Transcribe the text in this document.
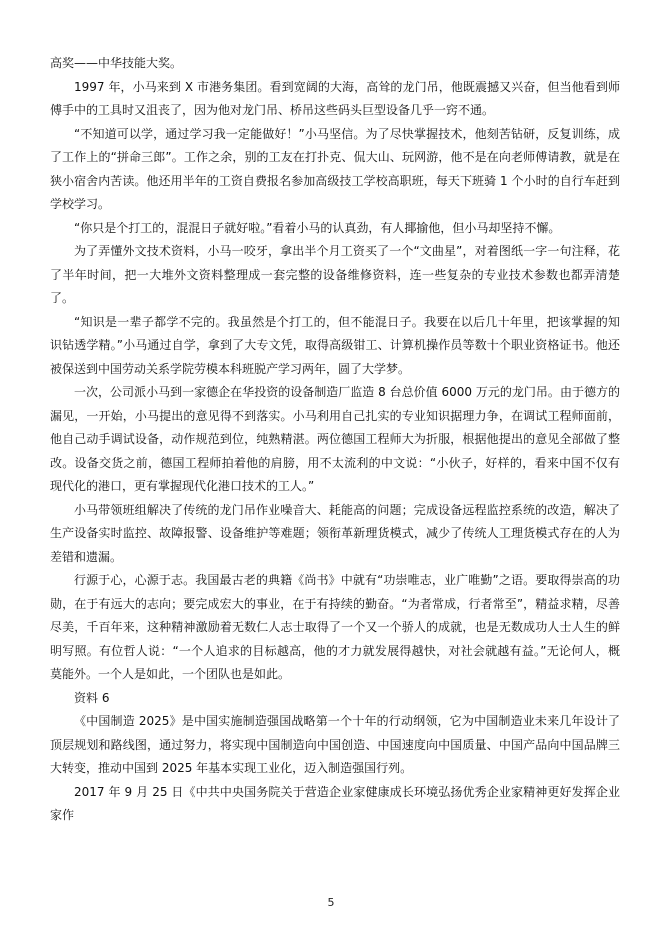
高奖——中华技能大奖。

1997 年，小马来到 X 市港务集团。看到宽阔的大海，高耸的龙门吊，他既震撼又兴奋，但当他看到师傅手中的工具时又沮丧了，因为他对龙门吊、桥吊这些码头巨型设备几乎一窍不通。

“不知道可以学，通过学习我一定能做好！”小马坚信。为了尽快掌握技术，他刻苦钻研，反复训练，成了工作上的“拼命三郎”。工作之余，别的工友在打扑克、侃大山、玩网游，他不是在向老师傅请教，就是在狭小宿舍内苦读。他还用半年的工资自费报名参加高级技工学校高职班，每天下班骑 1 个小时的自行车赶到学校学习。

“你只是个打工的，混混日子就好啦。”看着小马的认真劲，有人揶揄他，但小马却坚持不懈。

为了弄懂外文技术资料，小马一咬牙，拿出半个月工资买了一个“文曲星”，对着图纸一字一句注释，花了半年时间，把一大堆外文资料整理成一套完整的设备维修资料，连一些复杂的专业技术参数也都弄清楚了。

“知识是一辈子都学不完的。我虽然是个打工的，但不能混日子。我要在以后几十年里，把该掌握的知识钻透学精。”小马通过自学，拿到了大专文凭，取得高级钳工、计算机操作员等数十个职业资格证书。他还被保送到中国劳动关系学院劳模本科班脱产学习两年，圆了大学梦。

一次，公司派小马到一家德企在华投资的设备制造厂监造 8 台总价值 6000 万元的龙门吊。由于德方的漏见，一开始，小马提出的意见得不到落实。小马利用自己扎实的专业知识据理力争，在调试工程师面前，他自己动手调试设备，动作规范到位，纯熟精湛。两位德国工程师大为折服，根据他提出的意见全部做了整改。设备交货之前，德国工程师拍着他的肩膀，用不太流利的中文说：“小伙子，好样的，看来中国不仅有现代化的港口，更有掌握现代化港口技术的工人。”

小马带领班组解决了传统的龙门吊作业噪音大、耗能高的问题；完成设备远程监控系统的改造，解决了生产设备实时监控、故障报警、设备维护等难题；领衔革新理货模式，减少了传统人工理货模式存在的人为差错和遗漏。

行源于心，心源于志。我国最古老的典籍《尚书》中就有“功崇唯志，业广唯勤”之语。要取得崇高的功勋，在于有远大的志向；要完成宏大的事业，在于有持续的勤奋。“为者常成，行者常至”，精益求精，尽善尽美，千百年来，这种精神激励着无数仁人志士取得了一个又一个骄人的成就，也是无数成功人士人生的鲜明写照。有位哲人说：“一个人追求的目标越高，他的才力就发展得越快，对社会就越有益。”无论何人，概莫能外。一个人是如此，一个团队也是如此。

资料 6

《中国制造 2025》是中国实施制造强国战略第一个十年的行动纲领，它为中国制造业未来几年设计了顶层规划和路线图，通过努力，将实现中国制造向中国创造、中国速度向中国质量、中国产品向中国品牌三大转变，推动中国到 2025 年基本实现工业化，迈入制造强国行列。

2017 年 9 月 25 日《中共中央国务院关于营造企业家健康成长环境弘扬优秀企业家精神更好发挥企业家作

5
